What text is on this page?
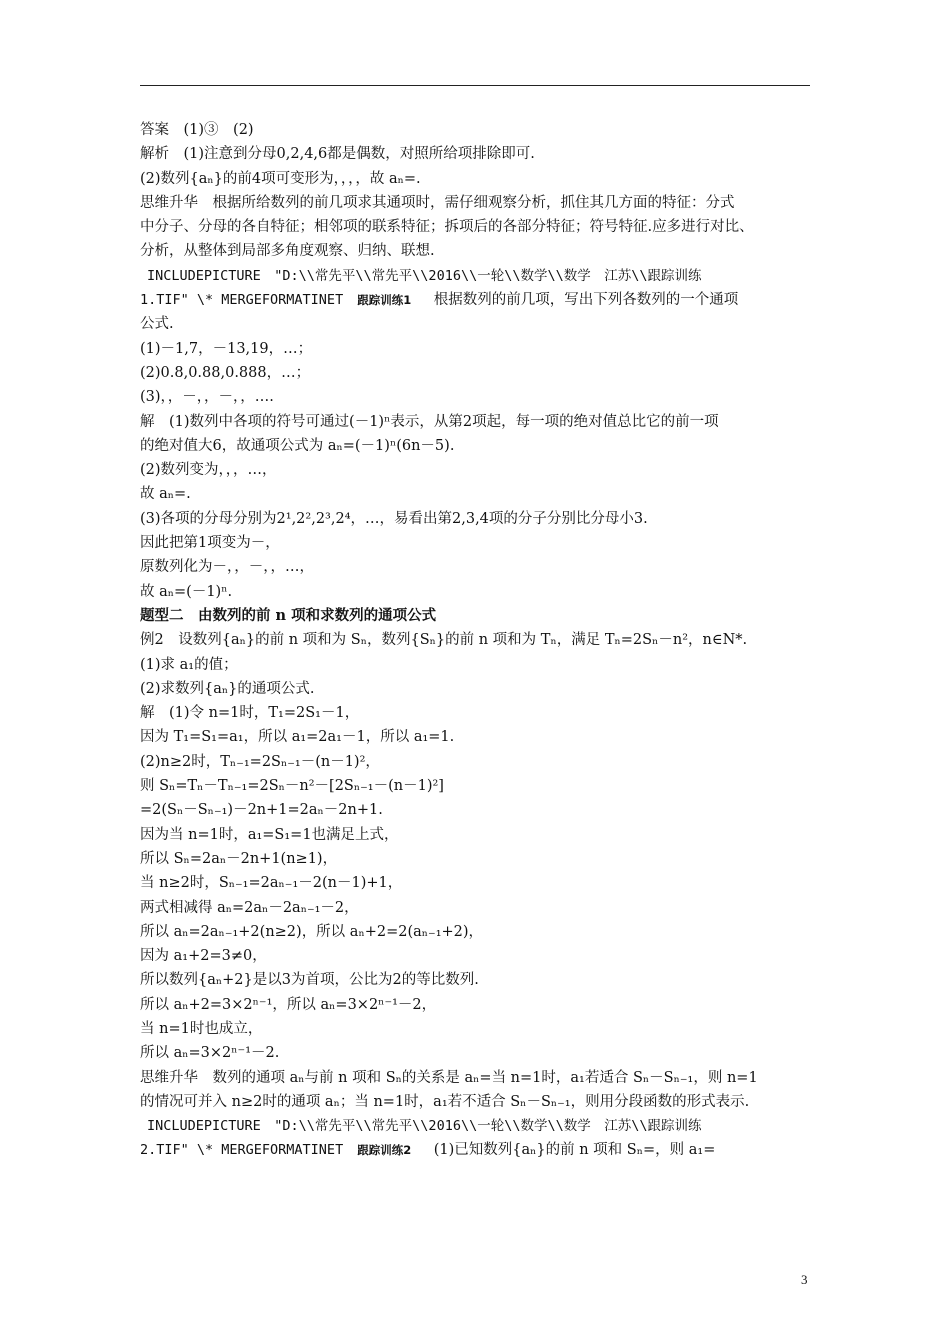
答案　(1)③　(2)
解析　(1)注意到分母0,2,4,6都是偶数，对照所给项排除即可.
(2)数列{aₙ}的前4项可变形为，，，，故 aₙ=.
思维升华　根据所给数列的前几项求其通项时，需仔细观察分析，抓住其几方面的特征：分式
中分子、分母的各自特征；相邻项的联系特征；拆项后的各部分特征；符号特征.应多进行对比、
分析，从整体到局部多角度观察、归纳、联想.
INCLUDEPICTURE　"D:\\常先平\\常先平\\2016\\一轮\\数学\\数学　江苏\\跟踪训练
1.TIF" \* MERGEFORMATINET 跟踪训练1　根据数列的前几项，写出下列各数列的一个通项
公式.
(1)－1,7，－13,19，…；
(2)0.8,0.88,0.888，…；
(3)，，－，，－，，….
解　(1)数列中各项的符号可通过(－1)ⁿ表示，从第2项起，每一项的绝对值总比它的前一项
的绝对值大6，故通项公式为 aₙ=(－1)ⁿ(6n－5).
(2)数列变为，，，…，
故 aₙ=.
(3)各项的分母分别为2¹,2²,2³,2⁴，…，易看出第2,3,4项的分子分别比分母小3.
因此把第1项变为－，
原数列化为－，，－，，…，
故 aₙ=(－1)ⁿ.
题型二　由数列的前 n 项和求数列的通项公式
例2　设数列{aₙ}的前 n 项和为 Sₙ，数列{Sₙ}的前 n 项和为 Tₙ，满足 Tₙ=2Sₙ－n²，n∈N*.
(1)求 a₁的值；
(2)求数列{aₙ}的通项公式.
解　(1)令 n=1时，T₁=2S₁－1，
因为 T₁=S₁=a₁，所以 a₁=2a₁－1，所以 a₁=1.
(2)n≥2时，Tₙ₋₁=2Sₙ₋₁－(n－1)²，
则 Sₙ=Tₙ－Tₙ₋₁=2Sₙ－n²－[2Sₙ₋₁－(n－1)²]
=2(Sₙ－Sₙ₋₁)－2n+1=2aₙ－2n+1.
因为当 n=1时，a₁=S₁=1也满足上式，
所以 Sₙ=2aₙ－2n+1(n≥1)，
当 n≥2时，Sₙ₋₁=2aₙ₋₁－2(n－1)+1，
两式相减得 aₙ=2aₙ－2aₙ₋₁－2，
所以 aₙ=2aₙ₋₁+2(n≥2)，所以 aₙ+2=2(aₙ₋₁+2)，
因为 a₁+2=3≠0，
所以数列{aₙ+2}是以3为首项，公比为2的等比数列.
所以 aₙ+2=3×2ⁿ⁻¹，所以 aₙ=3×2ⁿ⁻¹－2，
当 n=1时也成立，
所以 aₙ=3×2ⁿ⁻¹－2.
思维升华　数列的通项 aₙ与前 n 项和 Sₙ的关系是 aₙ=当 n=1时，a₁若适合 Sₙ－Sₙ₋₁，则 n=1
的情况可并入 n≥2时的通项 aₙ；当 n=1时，a₁若不适合 Sₙ－Sₙ₋₁，则用分段函数的形式表示.
INCLUDEPICTURE　"D:\\常先平\\常先平\\2016\\一轮\\数学\\数学　江苏\\跟踪训练
2.TIF" \* MERGEFORMATINET 跟踪训练2　(1)已知数列{aₙ}的前 n 项和 Sₙ=，则 a₁=
3
